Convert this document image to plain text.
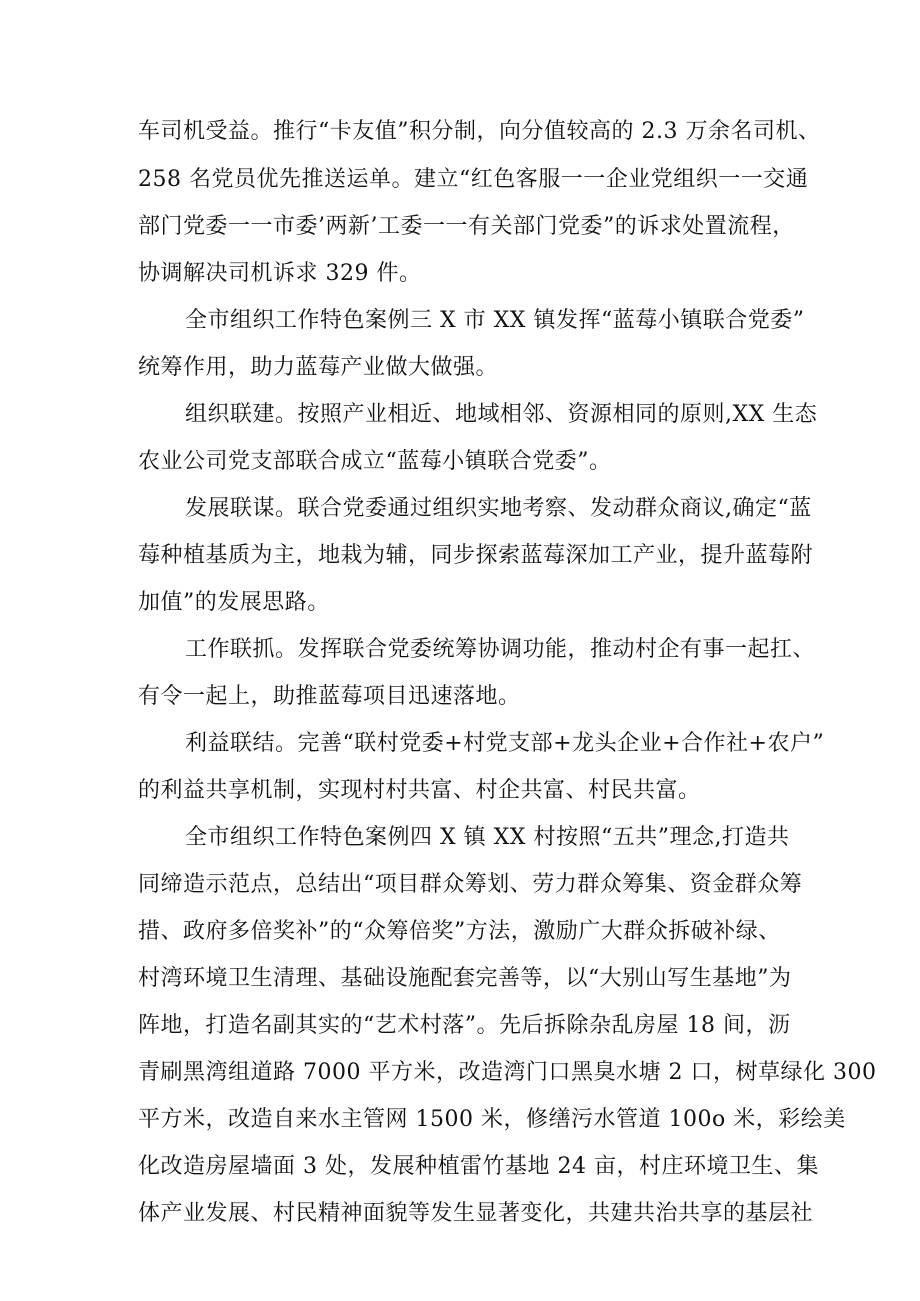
车司机受益。推行“卡友值”积分制，向分值较高的 2.3 万余名司机、
258 名党员优先推送运单。建立“红色客服一一企业党组织一一交通
部门党委一一市委’两新’工委一一有关部门党委”的诉求处置流程，
协调解决司机诉求 329 件。
全市组织工作特色案例三 X 市 XX 镇发挥“蓝莓小镇联合党委”
统筹作用，助力蓝莓产业做大做强。
组织联建。按照产业相近、地域相邻、资源相同的原则,XX 生态
农业公司党支部联合成立“蓝莓小镇联合党委”。
发展联谋。联合党委通过组织实地考察、发动群众商议,确定“蓝
莓种植基质为主，地栽为辅，同步探索蓝莓深加工产业，提升蓝莓附
加值”的发展思路。
工作联抓。发挥联合党委统筹协调功能，推动村企有事一起扛、
有令一起上，助推蓝莓项目迅速落地。
利益联结。完善“联村党委+村党支部+龙头企业+合作社+农户”
的利益共享机制，实现村村共富、村企共富、村民共富。
全市组织工作特色案例四 X 镇 XX 村按照“五共”理念,打造共
同缔造示范点，总结出“项目群众筹划、劳力群众筹集、资金群众筹
措、政府多倍奖补”的“众筹倍奖”方法，激励广大群众拆破补绿、
村湾环境卫生清理、基础设施配套完善等，以“大别山写生基地”为
阵地，打造名副其实的“艺术村落”。先后拆除杂乱房屋 18 间，沥
青刷黑湾组道路 7000 平方米，改造湾门口黑臭水塘 2 口，树草绿化 300
平方米，改造自来水主管网 1500 米，修缮污水管道 100o 米，彩绘美
化改造房屋墙面 3 处，发展种植雷竹基地 24 亩，村庄环境卫生、集
体产业发展、村民精神面貌等发生显著变化，共建共治共享的基层社
